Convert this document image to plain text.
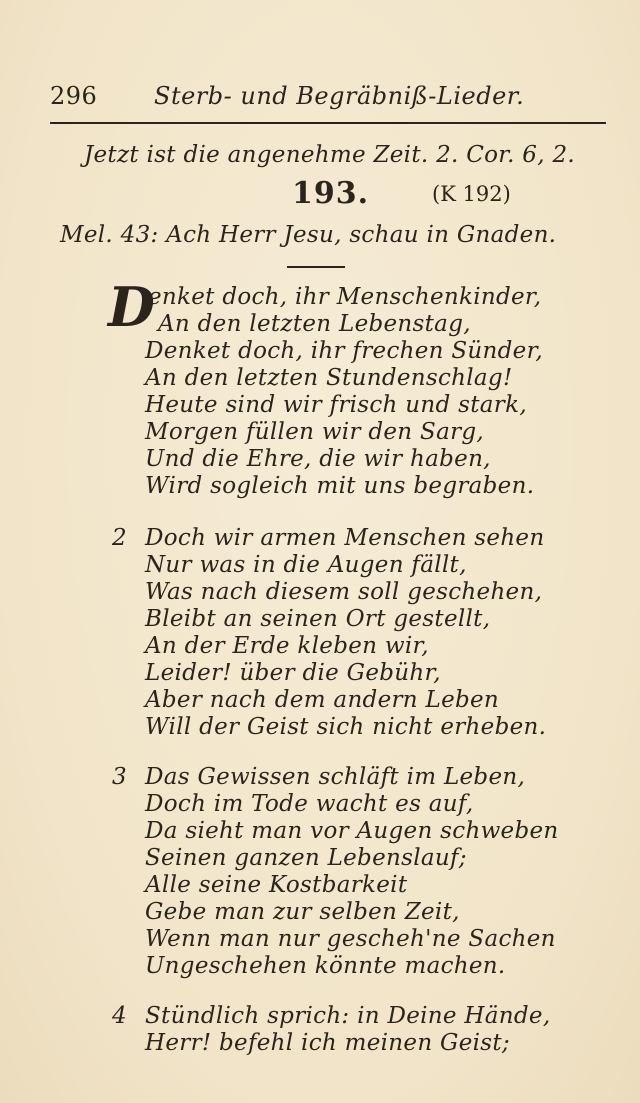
296 Sterb- und Begräbniß-Lieder.
Jetzt ist die angenehme Zeit. 2. Cor. 6, 2.
193.	(K 192)
Mel. 43: Ach Herr Jesu, schau in Gnaden.
D
enket doch, ihr Menschenkinder,
An den letzten Lebenstag,
Denket doch, ihr frechen Sünder,
An den letzten Stundenschlag!
Heute sind wir frisch und stark,
Morgen füllen wir den Sarg,
Und die Ehre, die wir haben,
Wird sogleich mit uns begraben.
2 Doch wir armen Menschen sehen
Nur was in die Augen fällt,
Was nach diesem soll geschehen,
Bleibt an seinen Ort gestellt,
An der Erde kleben wir,
Leider! über die Gebühr,
Aber nach dem andern Leben
Will der Geist sich nicht erheben.
3 Das Gewissen schläft im Leben,
Doch im Tode wacht es auf,
Da sieht man vor Augen schweben
Seinen ganzen Lebenslauf;
Alle seine Kostbarkeit
Gebe man zur selben Zeit,
Wenn man nur gescheh'ne Sachen
Ungeschehen könnte machen.
4 Stündlich sprich: in Deine Hände,
Herr! befehl ich meinen Geist;
